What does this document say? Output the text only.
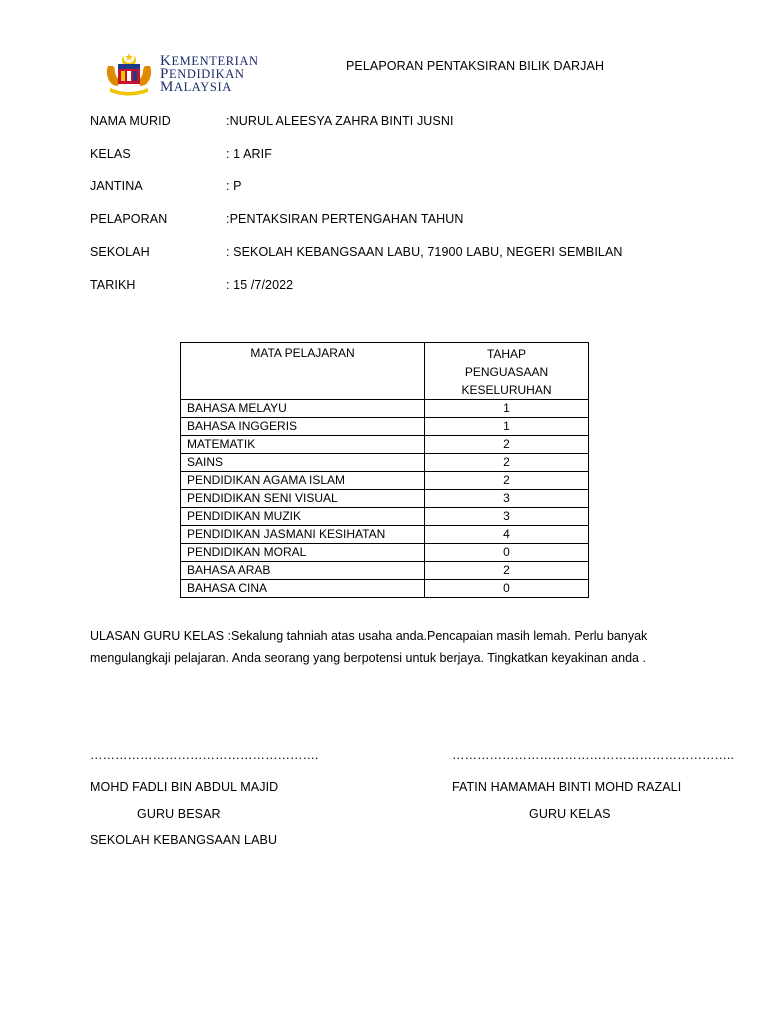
KEMENTERIAN
PENDIDIKAN
MALAYSIA
PELAPORAN PENTAKSIRAN BILIK DARJAH
NAMA MURID	:NURUL ALEESYA ZAHRA BINTI JUSNI
KELAS	: 1 ARIF
JANTINA	: P
PELAPORAN	:PENTAKSIRAN PERTENGAHAN TAHUN
SEKOLAH	: SEKOLAH KEBANGSAAN LABU, 71900 LABU, NEGERI SEMBILAN
TARIKH	: 15 /7/2022
MATA PELAJARAN	TAHAP
PENGUASAAN
KESELURUHAN

BAHASA MELAYU	1
BAHASA INGGERIS	1
MATEMATIK	2
SAINS	2
PENDIDIKAN AGAMA ISLAM	2
PENDIDIKAN SENI VISUAL	3
PENDIDIKAN MUZIK	3
PENDIDIKAN JASMANI KESIHATAN	4
PENDIDIKAN MORAL	0
BAHASA ARAB	2
BAHASA CINA	0
ULASAN GURU KELAS :Sekalung tahniah atas usaha anda.Pencapaian masih lemah. Perlu banyak mengulangkaji pelajaran. Anda seorang yang berpotensi untuk berjaya. Tingkatkan keyakinan anda .
……………………………………………….	…………………………………………………………..
MOHD FADLI BIN ABDUL MAJID
GURU BESAR
SEKOLAH KEBANGSAAN LABU
FATIN HAMAMAH BINTI MOHD RAZALI
GURU KELAS
